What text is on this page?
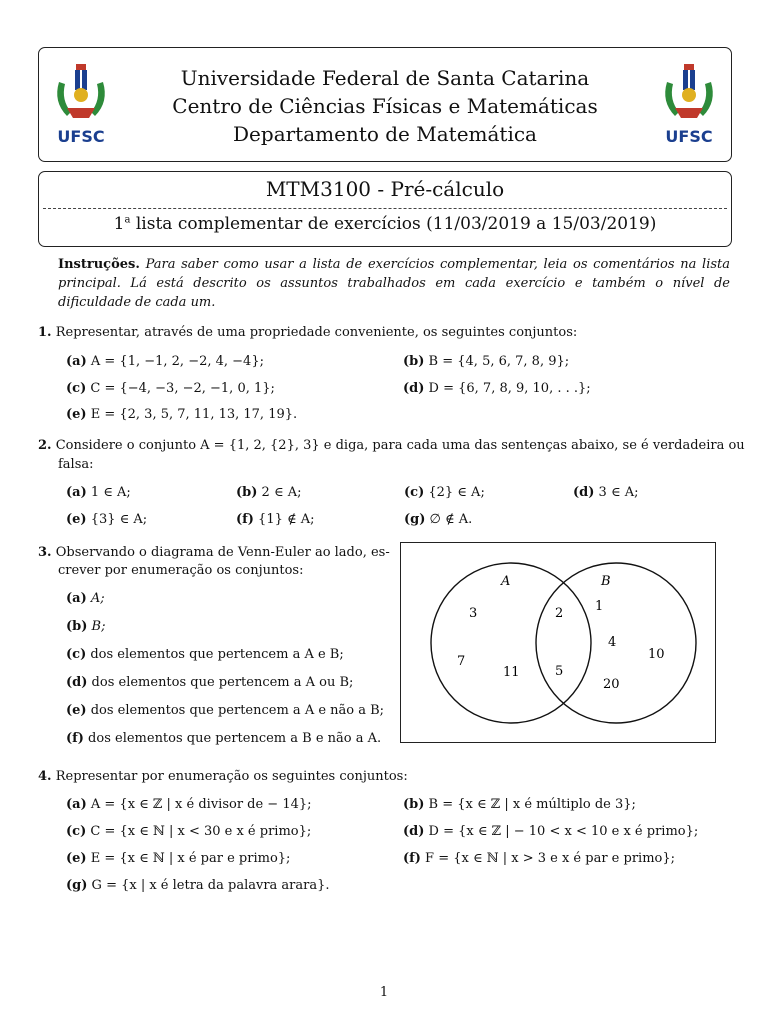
UFSC
Universidade Federal de Santa Catarina
Centro de Ciências Físicas e Matemáticas
Departamento de Matemática	UFSC
MTM3100 - Pré-cálculo
1$^a$ lista complementar de exercícios (11/03/2019 a 15/03/2019)
Instruções. Para saber como usar a lista de exercícios complementar, leia os comentários na lista principal. Lá está descrito os assuntos trabalhados em cada exercício e também o nível de dificuldade de cada um.
1. Representar, através de uma propriedade conveniente, os seguintes conjuntos:
(a) A = {1, −1, 2, −2, 4, −4};	(b) B = {4, 5, 6, 7, 8, 9};
(c) C = {−4, −3, −2, −1, 0, 1};	(d) D = {6, 7, 8, 9, 10, . . .};
(e) E = {2, 3, 5, 7, 11, 13, 17, 19}.
2. Considere o conjunto A = {1, 2, {2}, 3} e diga, para cada uma das sentenças abaixo, se é verdadeira ou
falsa:
(a) 1 ∈ A;	(b) 2 ∈ A;	(c) {2} ∈ A;	(d) 3 ∈ A;
(e) {3} ∈ A;	(f) {1} ∉ A;	(g) ∅ ∉ A.
3. Observando o diagrama de Venn-Euler ao lado, es-
crever por enumeração os conjuntos:
(a) A;
(b) B;
(c) dos elementos que pertencem a A e B;
(d) dos elementos que pertencem a A ou B;
(e) dos elementos que pertencem a A e não a B;
(f) dos elementos que pertencem a B e não a A.
A	B
3
7
11
2
5
1
4
20
10
4. Representar por enumeração os seguintes conjuntos:
(a) A = {x ∈ ℤ | x é divisor de − 14};	(b) B = {x ∈ ℤ | x é múltiplo de 3};
(c) C = {x ∈ ℕ | x < 30 e x é primo};	(d) D = {x ∈ ℤ | − 10 < x < 10 e x é primo};
(e) E = {x ∈ ℕ | x é par e primo};	(f) F = {x ∈ ℕ | x > 3 e x é par e primo};
(g) G = {x | x é letra da palavra arara}.
1
